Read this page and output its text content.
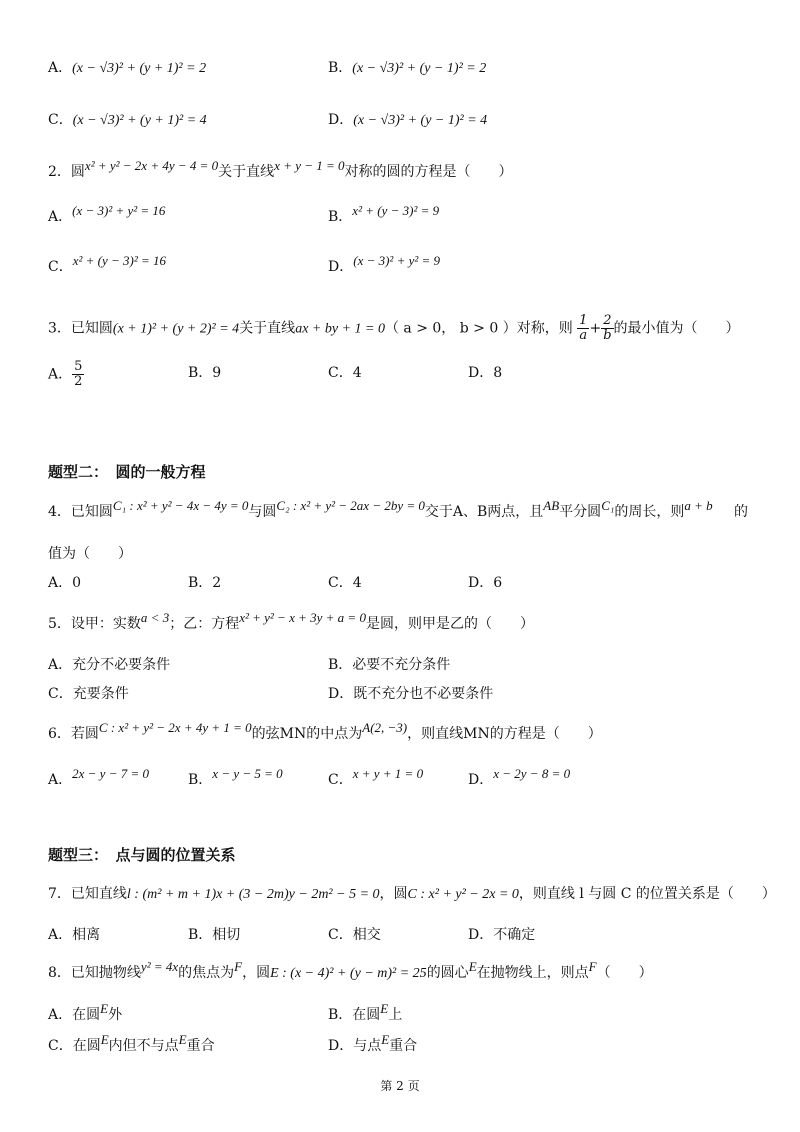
A．(x − √3)² + (y + 1)² = 2	B．(x − √3)² + (y − 1)² = 2
C．(x − √3)² + (y + 1)² = 4	D．(x − √3)² + (y − 1)² = 4
2．圆x² + y² − 2x + 4y − 4 = 0关于直线x + y − 1 = 0对称的圆的方程是（　　）
A．(x − 3)² + y² = 16	B．x² + (y − 3)² = 9
C．x² + (y − 3)² = 16	D．(x − 3)² + y² = 9
3．已知圆(x + 1)² + (y + 2)² = 4关于直线ax + by + 1 = 0（ a > 0， b > 0 ）对称，则 $\frac{1}{a} + \frac{2}{b}$ 的最小值为（　　）
A． $\frac{5}{2}$	B．9	C．4	D．8
题型二：　圆的一般方程
4．已知圆C₁ : x² + y² − 4x − 4y = 0与圆C₂ : x² + y² − 2ax − 2by = 0交于A、B两点，且AB平分圆C₁的周长，则a + b 的
值为（　　）
A．0	B．2	C．4	D．6
5．设甲：实数a < 3；乙：方程x² + y² − x + 3y + a = 0是圆，则甲是乙的（　　）
A．充分不必要条件	B．必要不充分条件
C．充要条件	D．既不充分也不必要条件
6．若圆C : x² + y² − 2x + 4y + 1 = 0的弦MN的中点为A(2, −3)，则直线MN的方程是（　　）
A．2x − y − 7 = 0	B．x − y − 5 = 0	C．x + y + 1 = 0	D．x − 2y − 8 = 0
题型三：　点与圆的位置关系
7．已知直线l : (m² + m + 1)x + (3 − 2m)y − 2m² − 5 = 0，圆C : x² + y² − 2x = 0，则直线 l 与圆 C 的位置关系是（　　）
A．相离	B．相切	C．相交	D．不确定
8．已知抛物线y² = 4x的焦点为F，圆E : (x − 4)² + (y − m)² = 25的圆心E在抛物线上，则点F（　　）
A．在圆E外	B．在圆E上
C．在圆E内但不与点E重合	D．与点E重合
第 2 页
